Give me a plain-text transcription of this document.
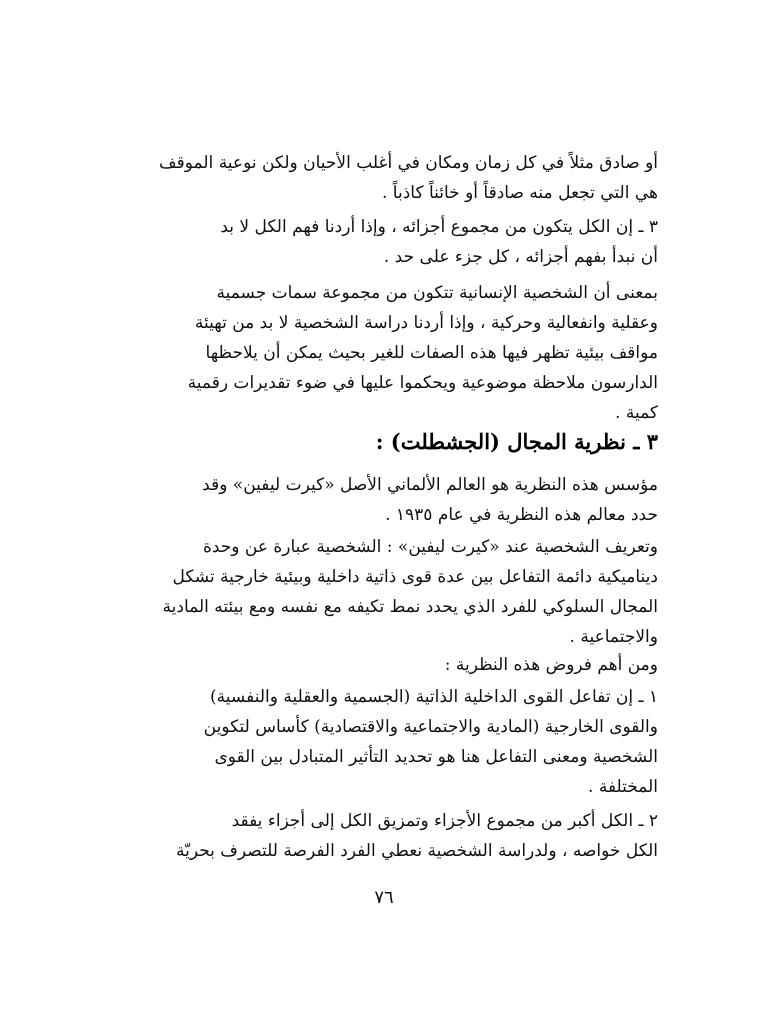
أو صادق مثلاً في كل زمان ومكان في أغلب الأحيان ولكن نوعية الموقف
هي التي تجعل منه صادقاً أو خائناً كاذباً .
٣ ـ إن الكل يتكون من مجموع أجزائه ، وإذا أردنا فهم الكل لا بد
أن نبدأ بفهم أجزائه ، كل جزء على حد .
بمعنى أن الشخصية الإنسانية تتكون من مجموعة سمات جسمية
وعقلية وانفعالية وحركية ، وإذا أردنا دراسة الشخصية لا بد من تهيئة
مواقف بيئية تظهر فيها هذه الصفات للغير بحيث يمكن أن يلاحظها
الدارسون ملاحظة موضوعية ويحكموا عليها في ضوء تقديرات رقمية
كمية .
٣ ـ نظرية المجال (الجشطلت) :
مؤسس هذه النظرية هو العالم الألماني الأصل «كيرت ليفين» وقد
حدد معالم هذه النظرية في عام ١٩٣٥ .
وتعريف الشخصية عند «كيرت ليفين» : الشخصية عبارة عن وحدة
ديناميكية دائمة التفاعل بين عدة قوى ذاتية داخلية وبيئية خارجية تشكل
المجال السلوكي للفرد الذي يحدد نمط تكيفه مع نفسه ومع بيئته المادية
والاجتماعية .
ومن أهم فروض هذه النظرية :
١ ـ إن تفاعل القوى الداخلية الذاتية (الجسمية والعقلية والنفسية)
والقوى الخارجية (المادية والاجتماعية والاقتصادية) كأساس لتكوين
الشخصية ومعنى التفاعل هنا هو تحديد التأثير المتبادل بين القوى
المختلفة .
٢ ـ الكل أكبر من مجموع الأجزاء وتمزيق الكل إلى أجزاء يفقد
الكل خواصه ، ولدراسة الشخصية نعطي الفرد الفرصة للتصرف بحريّة
٧٦
